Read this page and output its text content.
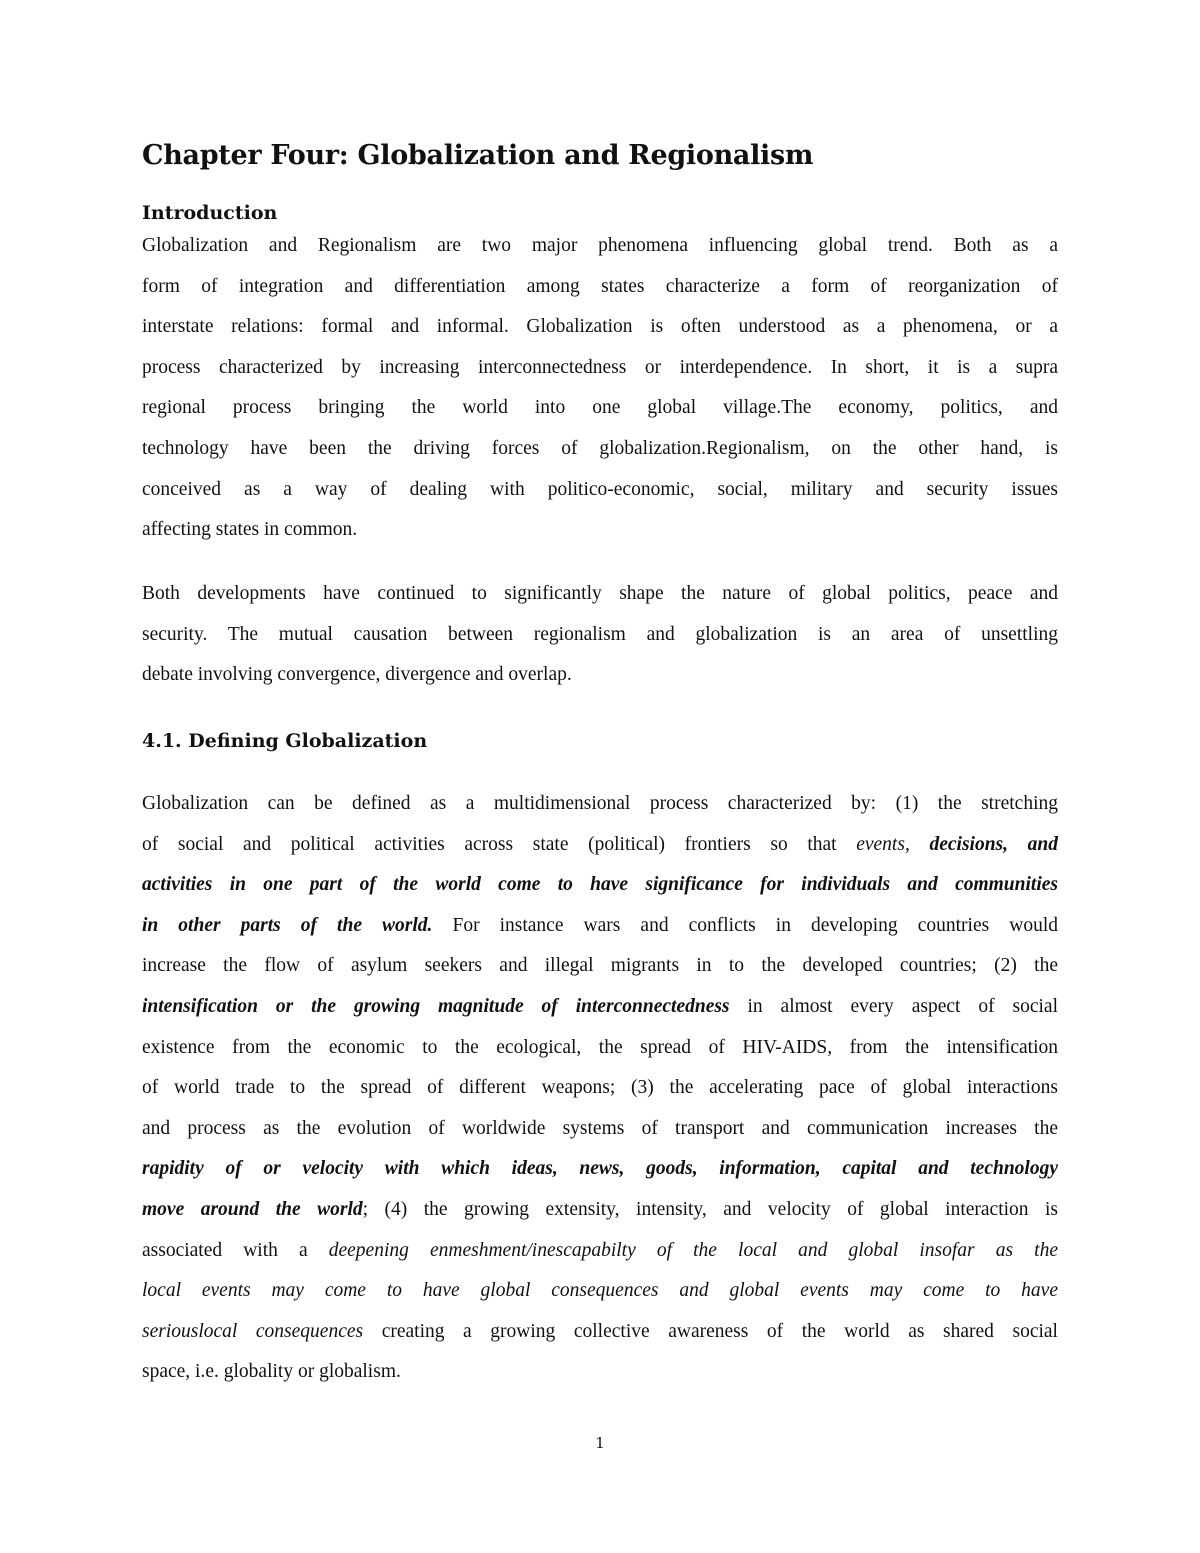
Chapter Four: Globalization and Regionalism
Introduction
Globalization and Regionalism are two major phenomena influencing global trend. Both as a
form of integration and differentiation among states characterize a form of reorganization of
interstate relations: formal and informal. Globalization is often understood as a phenomena, or a
process characterized by increasing interconnectedness or interdependence. In short, it is a supra
regional process bringing the world into one global village.The economy, politics, and
technology have been the driving forces of globalization.Regionalism, on the other hand, is
conceived as a way of dealing with politico-economic, social, military and security issues
affecting states in common.
Both developments have continued to significantly shape the nature of global politics, peace and
security. The mutual causation between regionalism and globalization is an area of unsettling
debate involving convergence, divergence and overlap.
4.1. Defining Globalization
Globalization can be defined as a multidimensional process characterized by: (1) the stretching
of social and political activities across state (political) frontiers so that events, decisions, and
activities in one part of the world come to have significance for individuals and communities
in other parts of the world. For instance wars and conflicts in developing countries would
increase the flow of asylum seekers and illegal migrants in to the developed countries; (2) the
intensification or the growing magnitude of interconnectedness in almost every aspect of social
existence from the economic to the ecological, the spread of HIV-AIDS, from the intensification
of world trade to the spread of different weapons; (3) the accelerating pace of global interactions
and process as the evolution of worldwide systems of transport and communication increases the
rapidity of or velocity with which ideas, news, goods, information, capital and technology
move around the world; (4) the growing extensity, intensity, and velocity of global interaction is
associated with a deepening enmeshment/inescapabilty of the local and global insofar as the
local events may come to have global consequences and global events may come to have
seriouslocal consequences creating a growing collective awareness of the world as shared social
space, i.e. globality or globalism.
1
